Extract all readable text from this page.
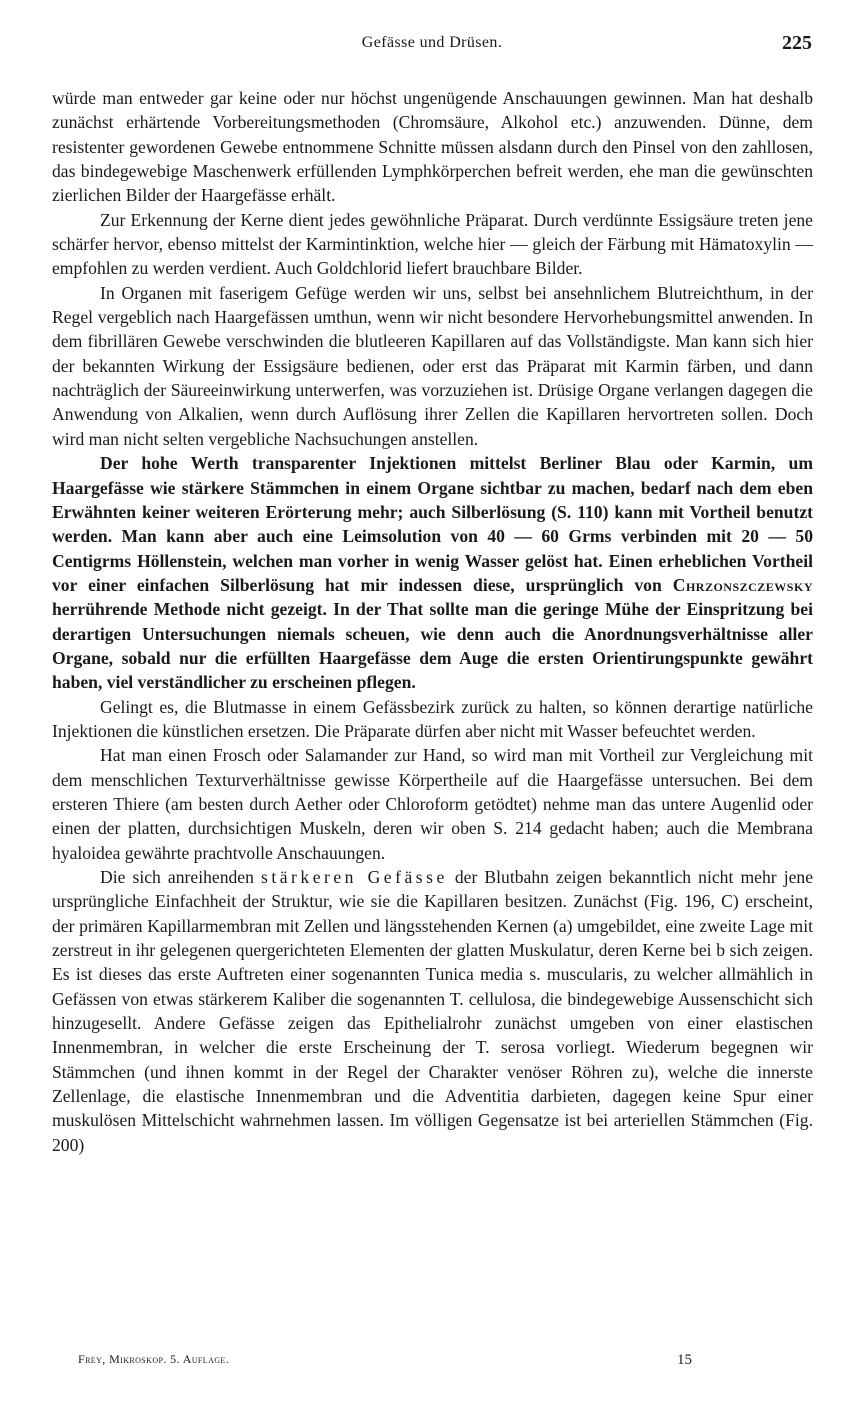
Gefässe und Drüsen.	225

würde man entweder gar keine oder nur höchst ungenügende Anschauungen gewinnen. Man hat deshalb zunächst erhärtende Vorbereitungsmethoden (Chromsäure, Alkohol etc.) anzuwenden. Dünne, dem resistenter gewordenen Gewebe entnommene Schnitte müssen alsdann durch den Pinsel von den zahllosen, das bindegewebige Maschenwerk erfüllenden Lymphkörperchen befreit werden, ehe man die gewünschten zierlichen Bilder der Haargefässe erhält.

Zur Erkennung der Kerne dient jedes gewöhnliche Präparat. Durch verdünnte Essigsäure treten jene schärfer hervor, ebenso mittelst der Karmintinktion, welche hier — gleich der Färbung mit Hämatoxylin — empfohlen zu werden verdient. Auch Goldchlorid liefert brauchbare Bilder.

In Organen mit faserigem Gefüge werden wir uns, selbst bei ansehnlichem Blutreichthum, in der Regel vergeblich nach Haargefässen umthun, wenn wir nicht besondere Hervorhebungsmittel anwenden. In dem fibrillären Gewebe verschwinden die blutleeren Kapillaren auf das Vollständigste. Man kann sich hier der bekannten Wirkung der Essigsäure bedienen, oder erst das Präparat mit Karmin färben, und dann nachträglich der Säureeinwirkung unterwerfen, was vorzuziehen ist. Drüsige Organe verlangen dagegen die Anwendung von Alkalien, wenn durch Auflösung ihrer Zellen die Kapillaren hervortreten sollen. Doch wird man nicht selten vergebliche Nachsuchungen anstellen.

Der hohe Werth transparenter Injektionen mittelst Berliner Blau oder Karmin, um Haargefässe wie stärkere Stämmchen in einem Organe sichtbar zu machen, bedarf nach dem eben Erwähnten keiner weiteren Erörterung mehr; auch Silberlösung (S. 110) kann mit Vortheil benutzt werden. Man kann aber auch eine Leimsolution von 40 — 60 Grms verbinden mit 20 — 50 Centigrms Höllenstein, welchen man vorher in wenig Wasser gelöst hat. Einen erheblichen Vortheil vor einer einfachen Silberlösung hat mir indessen diese, ursprünglich von Chrzonszczewsky herrührende Methode nicht gezeigt. In der That sollte man die geringe Mühe der Einspritzung bei derartigen Untersuchungen niemals scheuen, wie denn auch die Anordnungsverhältnisse aller Organe, sobald nur die erfüllten Haargefässe dem Auge die ersten Orientirungspunkte gewährt haben, viel verständlicher zu erscheinen pflegen.

Gelingt es, die Blutmasse in einem Gefässbezirk zurück zu halten, so können derartige natürliche Injektionen die künstlichen ersetzen. Die Präparate dürfen aber nicht mit Wasser befeuchtet werden.

Hat man einen Frosch oder Salamander zur Hand, so wird man mit Vortheil zur Vergleichung mit dem menschlichen Texturverhältnisse gewisse Körpertheile auf die Haargefässe untersuchen. Bei dem ersteren Thiere (am besten durch Aether oder Chloroform getödtet) nehme man das untere Augenlid oder einen der platten, durchsichtigen Muskeln, deren wir oben S. 214 gedacht haben; auch die Membrana hyaloidea gewährte prachtvolle Anschauungen.

Die sich anreihenden stärkeren Gefässe der Blutbahn zeigen bekanntlich nicht mehr jene ursprüngliche Einfachheit der Struktur, wie sie die Kapillaren besitzen. Zunächst (Fig. 196, C) erscheint, der primären Kapillarmembran mit Zellen und längsstehenden Kernen (a) umgebildet, eine zweite Lage mit zerstreut in ihr gelegenen quergerichteten Elementen der glatten Muskulatur, deren Kerne bei b sich zeigen. Es ist dieses das erste Auftreten einer sogenannten Tunica media s. muscularis, zu welcher allmählich in Gefässen von etwas stärkerem Kaliber die sogenannten T. cellulosa, die bindegewebige Aussenschicht sich hinzugesellt. Andere Gefässe zeigen das Epithelialrohr zunächst umgeben von einer elastischen Innenmembran, in welcher die erste Erscheinung der T. serosa vorliegt. Wiederum begegnen wir Stämmchen (und ihnen kommt in der Regel der Charakter venöser Röhren zu), welche die innerste Zellenlage, die elastische Innenmembran und die Adventitia darbieten, dagegen keine Spur einer muskulösen Mittelschicht wahrnehmen lassen. Im völligen Gegensatze ist bei arteriellen Stämmchen (Fig. 200)

Frey, Mikroskop. 5. Auflage.	15
